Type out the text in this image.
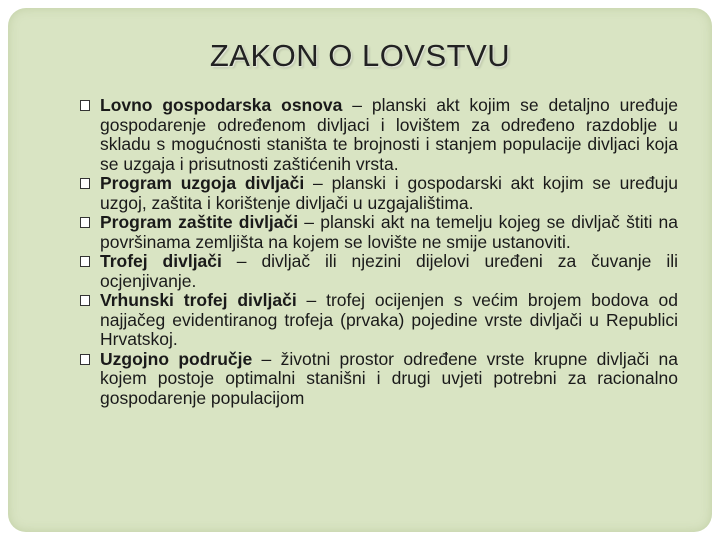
ZAKON O LOVSTVU

Lovno gospodarska osnova – planski akt kojim se detaljno uređuje gospodarenje određenom divljaci i lovištem za određeno razdoblje u skladu s mogućnosti staništa te brojnosti i stanjem populacije divljaci koja se uzgaja i prisutnosti zaštićenih vrsta.

Program uzgoja divljači – planski i gospodarski akt kojim se uređuju uzgoj, zaštita i korištenje divljači u uzgajalištima.

Program zaštite divljači – planski akt na temelju kojeg se divljač štiti na površinama zemljišta na kojem se lovište ne smije ustanoviti.

Trofej divljači – divljač ili njezini dijelovi uređeni za čuvanje ili ocjenjivanje.

Vrhunski trofej divljači – trofej ocijenjen s većim brojem bodova od najjačeg evidentiranog trofeja (prvaka) pojedine vrste divljači u Republici Hrvatskoj.

Uzgojno područje – životni prostor određene vrste krupne divljači na kojem postoje optimalni stanišni i drugi uvjeti potrebni za racionalno gospodarenje populacijom
